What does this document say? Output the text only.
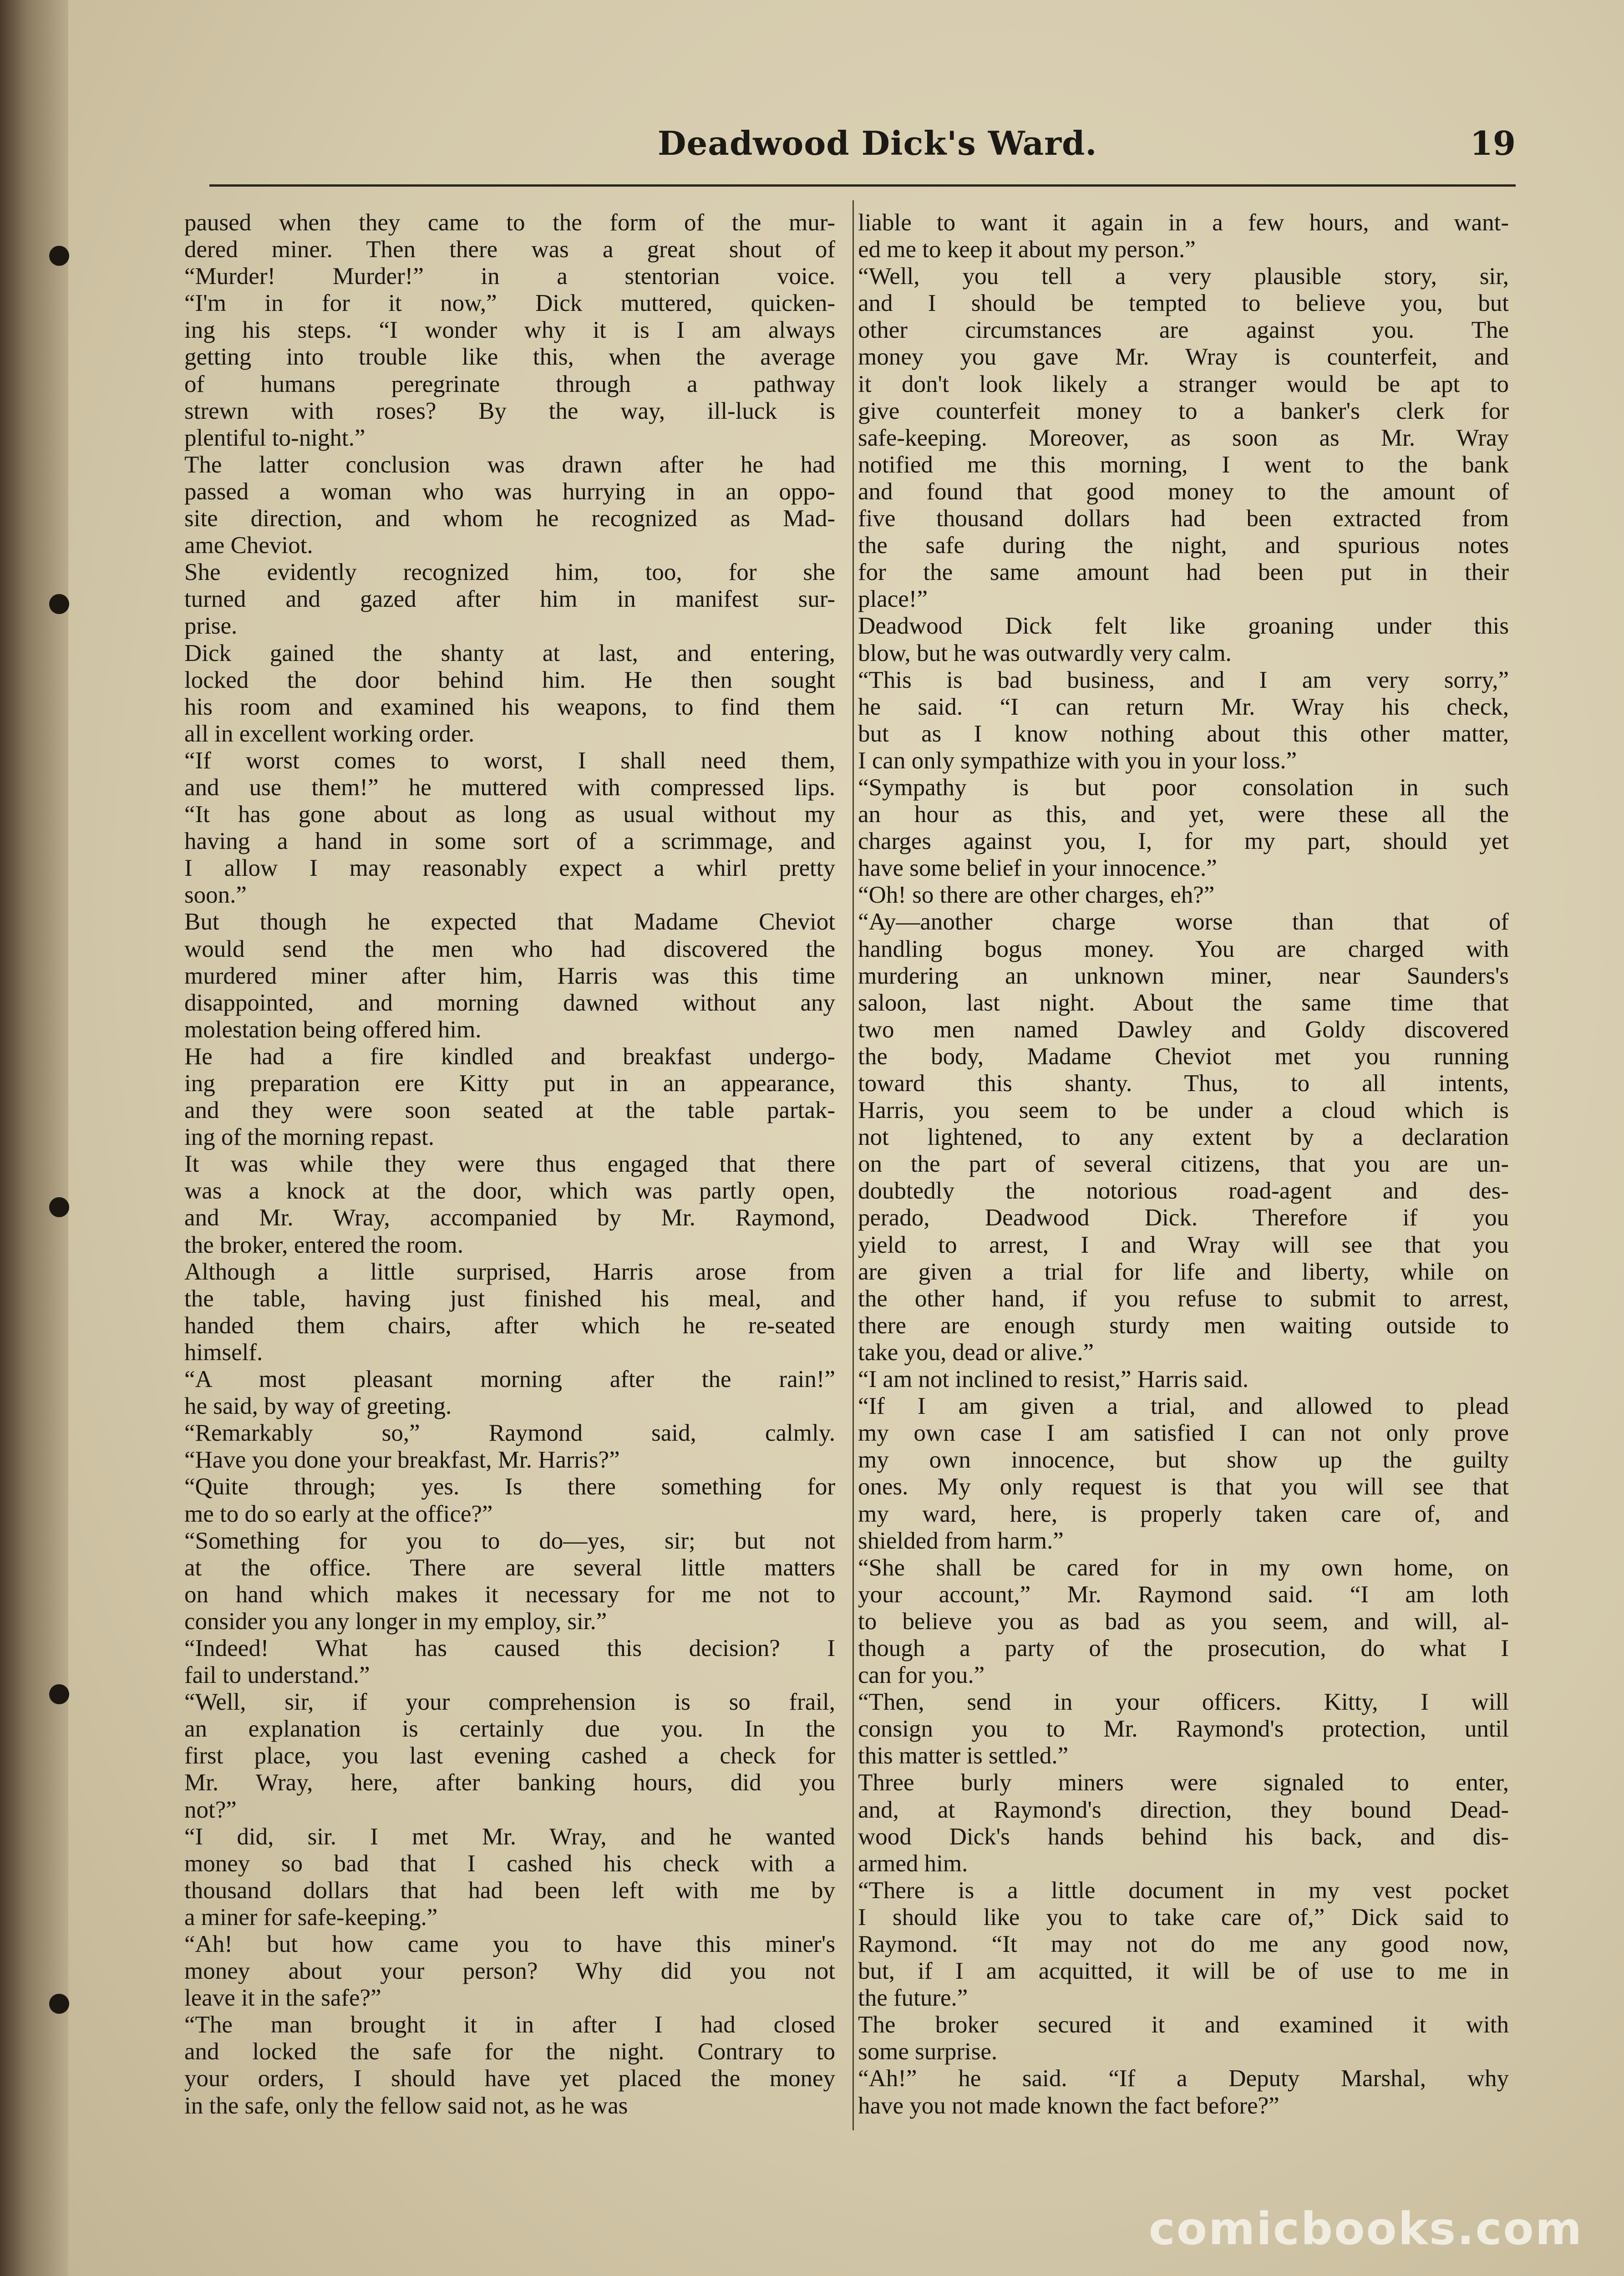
Deadwood Dick's Ward.	19
paused when they came to the form of the mur-
dered miner. Then there was a great shout of
“Murder! Murder!” in a stentorian voice.
“I'm in for it now,” Dick muttered, quicken-
ing his steps. “I wonder why it is I am always
getting into trouble like this, when the average
of humans peregrinate through a pathway
strewn with roses? By the way, ill-luck is
plentiful to-night.”
The latter conclusion was drawn after he had
passed a woman who was hurrying in an oppo-
site direction, and whom he recognized as Mad-
ame Cheviot.
She evidently recognized him, too, for she
turned and gazed after him in manifest sur-
prise.
Dick gained the shanty at last, and entering,
locked the door behind him. He then sought
his room and examined his weapons, to find them
all in excellent working order.
“If worst comes to worst, I shall need them,
and use them!” he muttered with compressed lips.
“It has gone about as long as usual without my
having a hand in some sort of a scrimmage, and
I allow I may reasonably expect a whirl pretty
soon.”
But though he expected that Madame Cheviot
would send the men who had discovered the
murdered miner after him, Harris was this time
disappointed, and morning dawned without any
molestation being offered him.
He had a fire kindled and breakfast undergo-
ing preparation ere Kitty put in an appearance,
and they were soon seated at the table partak-
ing of the morning repast.
It was while they were thus engaged that there
was a knock at the door, which was partly open,
and Mr. Wray, accompanied by Mr. Raymond,
the broker, entered the room.
Although a little surprised, Harris arose from
the table, having just finished his meal, and
handed them chairs, after which he re-seated
himself.
“A most pleasant morning after the rain!”
he said, by way of greeting.
“Remarkably so,” Raymond said, calmly.
“Have you done your breakfast, Mr. Harris?”
“Quite through; yes. Is there something for
me to do so early at the office?”
“Something for you to do—yes, sir; but not
at the office. There are several little matters
on hand which makes it necessary for me not to
consider you any longer in my employ, sir.”
“Indeed! What has caused this decision? I
fail to understand.”
“Well, sir, if your comprehension is so frail,
an explanation is certainly due you. In the
first place, you last evening cashed a check for
Mr. Wray, here, after banking hours, did you
not?”
“I did, sir. I met Mr. Wray, and he wanted
money so bad that I cashed his check with a
thousand dollars that had been left with me by
a miner for safe-keeping.”
“Ah! but how came you to have this miner's
money about your person? Why did you not
leave it in the safe?”
“The man brought it in after I had closed
and locked the safe for the night. Contrary to
your orders, I should have yet placed the money
in the safe, only the fellow said not, as he was
liable to want it again in a few hours, and want-
ed me to keep it about my person.”
“Well, you tell a very plausible story, sir,
and I should be tempted to believe you, but
other circumstances are against you. The
money you gave Mr. Wray is counterfeit, and
it don't look likely a stranger would be apt to
give counterfeit money to a banker's clerk for
safe-keeping. Moreover, as soon as Mr. Wray
notified me this morning, I went to the bank
and found that good money to the amount of
five thousand dollars had been extracted from
the safe during the night, and spurious notes
for the same amount had been put in their
place!”
Deadwood Dick felt like groaning under this
blow, but he was outwardly very calm.
“This is bad business, and I am very sorry,”
he said. “I can return Mr. Wray his check,
but as I know nothing about this other matter,
I can only sympathize with you in your loss.”
“Sympathy is but poor consolation in such
an hour as this, and yet, were these all the
charges against you, I, for my part, should yet
have some belief in your innocence.”
“Oh! so there are other charges, eh?”
“Ay—another charge worse than that of
handling bogus money. You are charged with
murdering an unknown miner, near Saunders's
saloon, last night. About the same time that
two men named Dawley and Goldy discovered
the body, Madame Cheviot met you running
toward this shanty. Thus, to all intents,
Harris, you seem to be under a cloud which is
not lightened, to any extent by a declaration
on the part of several citizens, that you are un-
doubtedly the notorious road-agent and des-
perado, Deadwood Dick. Therefore if you
yield to arrest, I and Wray will see that you
are given a trial for life and liberty, while on
the other hand, if you refuse to submit to arrest,
there are enough sturdy men waiting outside to
take you, dead or alive.”
“I am not inclined to resist,” Harris said.
“If I am given a trial, and allowed to plead
my own case I am satisfied I can not only prove
my own innocence, but show up the guilty
ones. My only request is that you will see that
my ward, here, is properly taken care of, and
shielded from harm.”
“She shall be cared for in my own home, on
your account,” Mr. Raymond said. “I am loth
to believe you as bad as you seem, and will, al-
though a party of the prosecution, do what I
can for you.”
“Then, send in your officers. Kitty, I will
consign you to Mr. Raymond's protection, until
this matter is settled.”
Three burly miners were signaled to enter,
and, at Raymond's direction, they bound Dead-
wood Dick's hands behind his back, and dis-
armed him.
“There is a little document in my vest pocket
I should like you to take care of,” Dick said to
Raymond. “It may not do me any good now,
but, if I am acquitted, it will be of use to me in
the future.”
The broker secured it and examined it with
some surprise.
“Ah!” he said. “If a Deputy Marshal, why
have you not made known the fact before?”
comicbooks.com
